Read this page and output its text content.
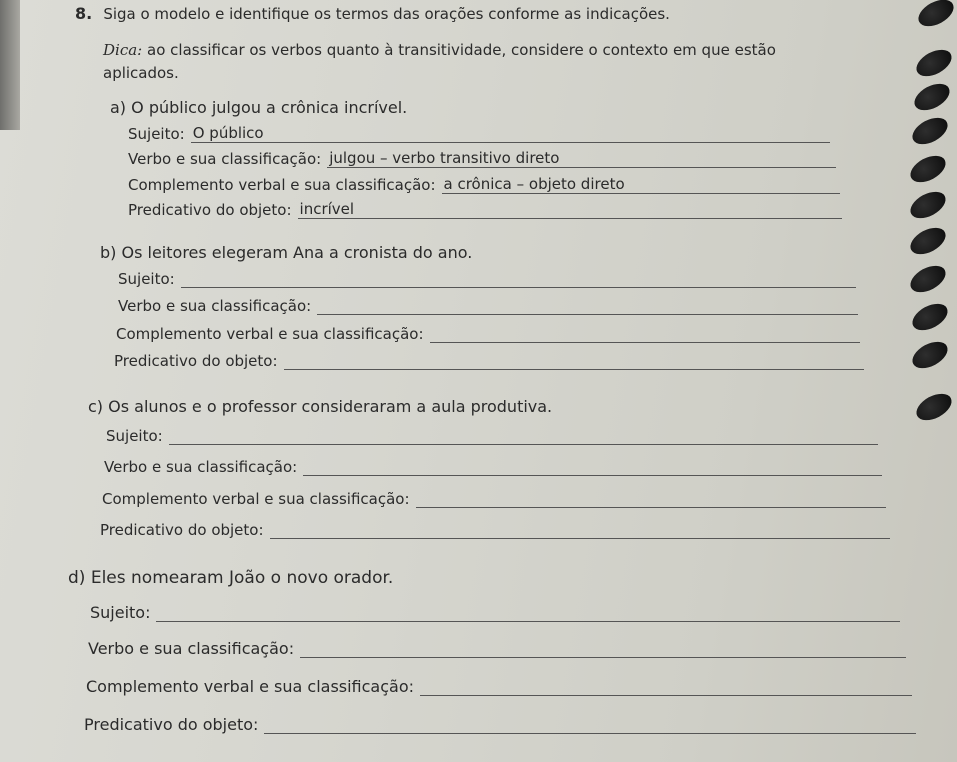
8. Siga o modelo e identifique os termos das orações conforme as indicações.
Dica: ao classificar os verbos quanto à transitividade, considere o contexto em que estão
aplicados.
a) O público julgou a crônica incrível.
Sujeito: O público
Verbo e sua classificação: julgou – verbo transitivo direto
Complemento verbal e sua classificação: a crônica – objeto direto
Predicativo do objeto: incrível
b) Os leitores elegeram Ana a cronista do ano.
Sujeito:
Verbo e sua classificação:
Complemento verbal e sua classificação:
Predicativo do objeto:
c) Os alunos e o professor consideraram a aula produtiva.
Sujeito:
Verbo e sua classificação:
Complemento verbal e sua classificação:
Predicativo do objeto:
d) Eles nomearam João o novo orador.
Sujeito:
Verbo e sua classificação:
Complemento verbal e sua classificação:
Predicativo do objeto:
